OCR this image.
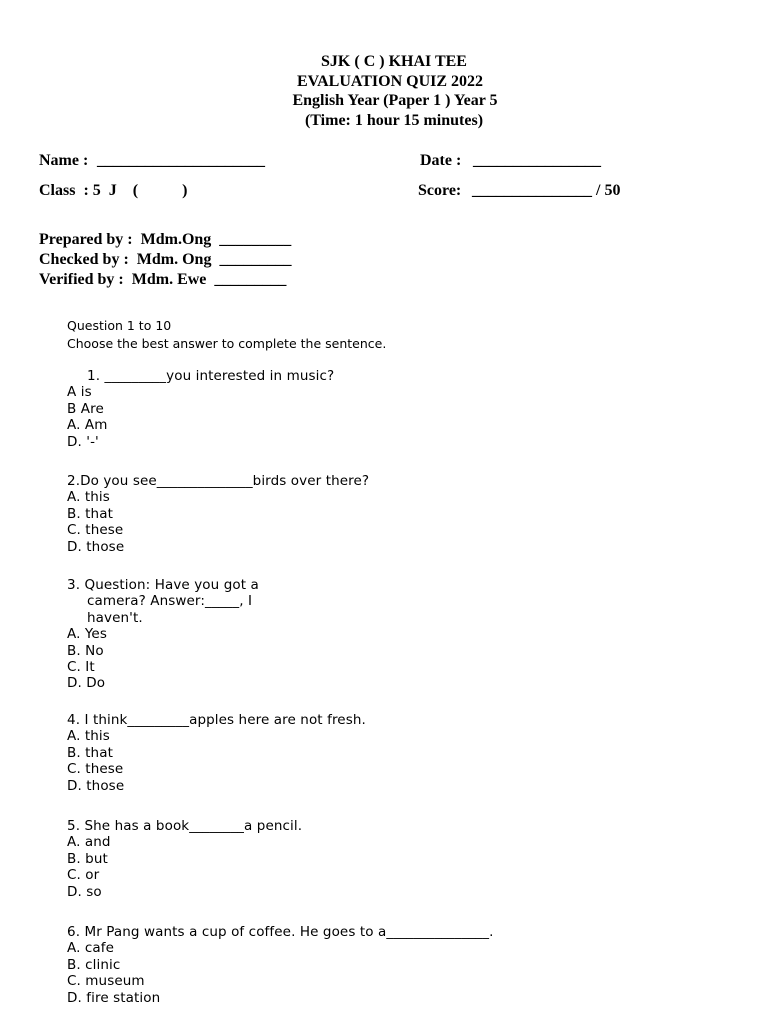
SJK ( C ) KHAI TEE
EVALUATION QUIZ 2022
English Year (Paper 1 ) Year 5
(Time: 1 hour 15 minutes)
Name : _____________________	Date : ________________
Class  : 5  J    (           )	Score: _______________ / 50
Prepared by :  Mdm.Ong  _________
Checked by :  Mdm. Ong  _________
Verified by :  Mdm. Ewe  _________
Question 1 to 10
Choose the best answer to complete the sentence.
1. _________you interested in music?
A is
B Are
A. Am
D. '-'
2.Do you see______________birds over there?
A. this
B. that
C. these
D. those
3. Question: Have you got a
camera? Answer:_____, I
haven't.
A. Yes
B. No
C. It
D. Do
4. I think_________apples here are not fresh.
A. this
B. that
C. these
D. those
5. She has a book________a pencil.
A. and
B. but
C. or
D. so
6. Mr Pang wants a cup of coffee. He goes to a_______________.
A. cafe
B. clinic
C. museum
D. fire station
